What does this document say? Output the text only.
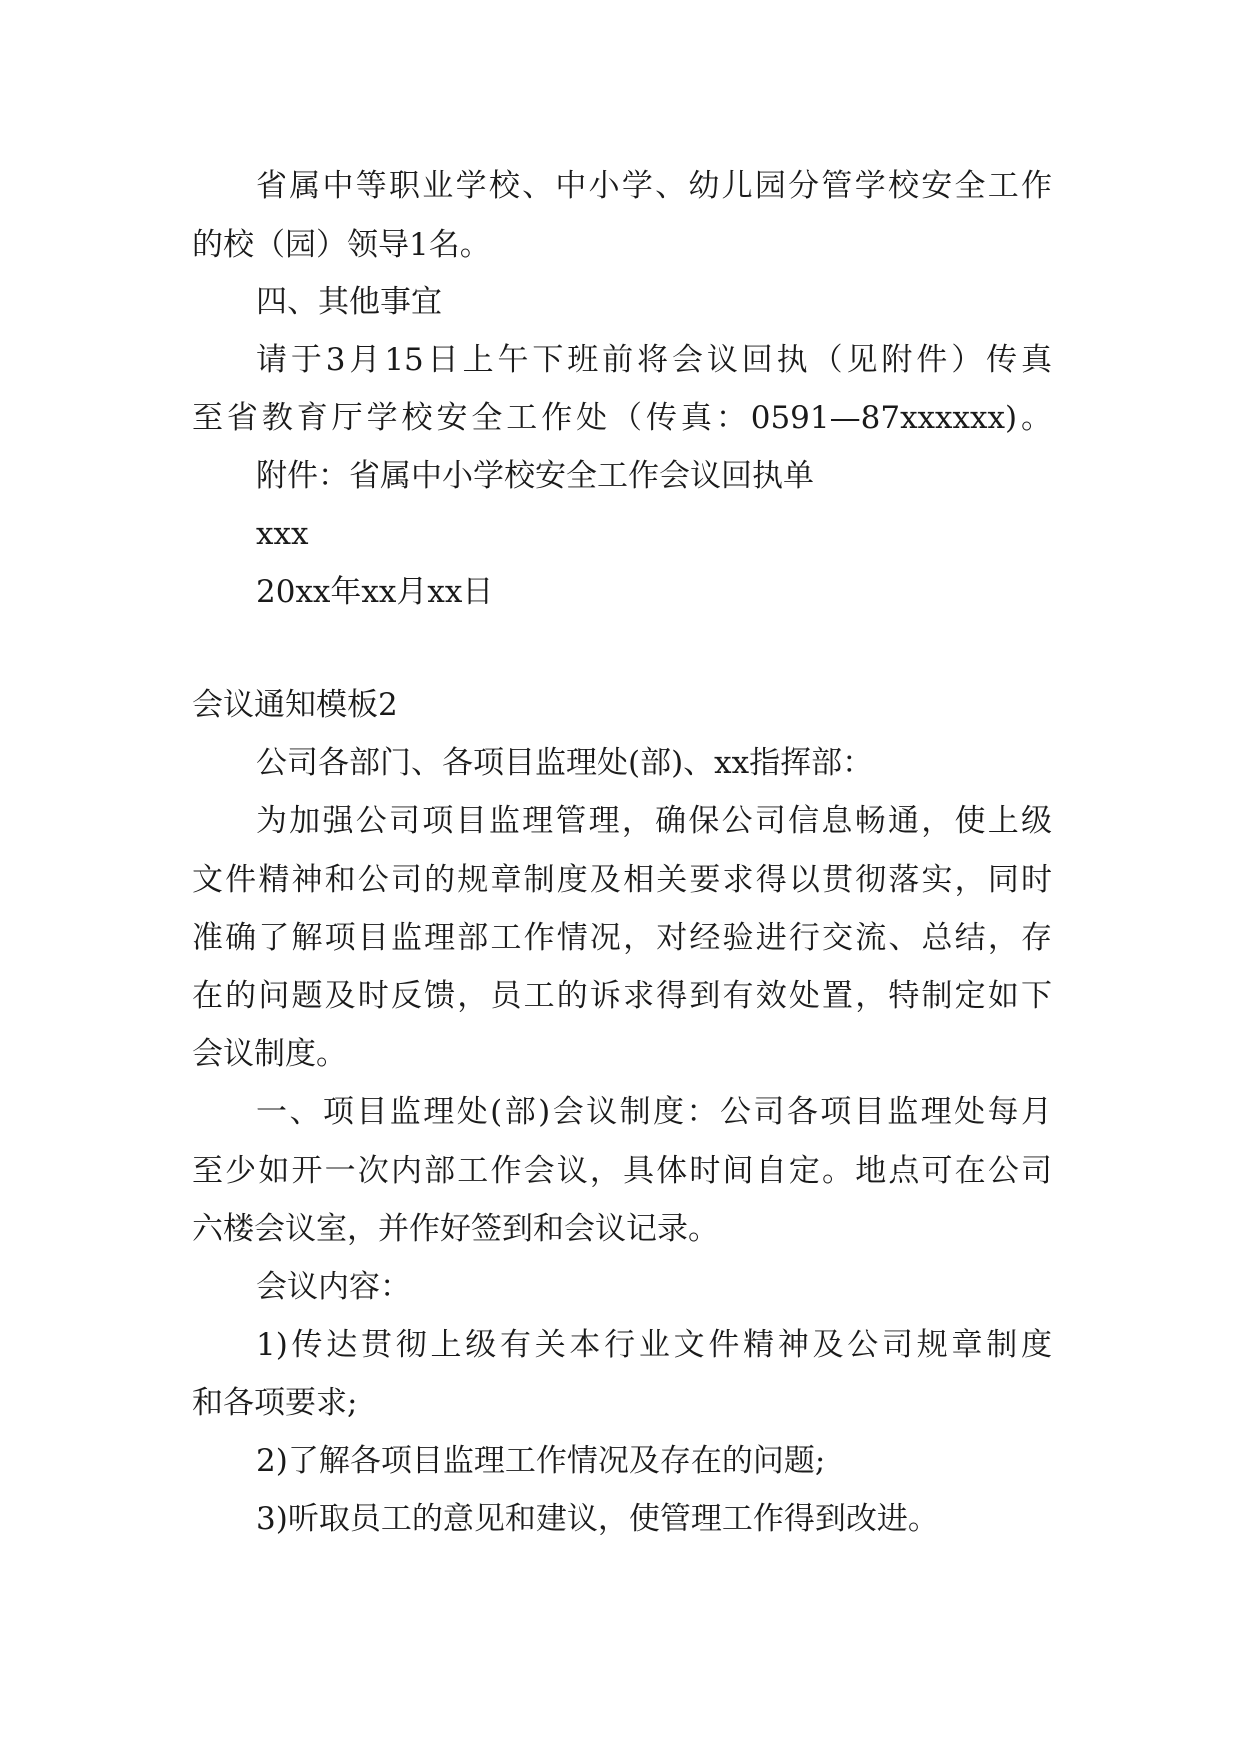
省属中等职业学校、中小学、幼儿园分管学校安全工作
的校（园）领导1名。
四、其他事宜
请于3月15日上午下班前将会议回执（见附件）传真
至省教育厅学校安全工作处（传真：0591—87xxxxxx)。
附件：省属中小学校安全工作会议回执单
xxx
20xx年xx月xx日
会议通知模板2
公司各部门、各项目监理处(部)、xx指挥部：
为加强公司项目监理管理，确保公司信息畅通，使上级
文件精神和公司的规章制度及相关要求得以贯彻落实，同时
准确了解项目监理部工作情况，对经验进行交流、总结，存
在的问题及时反馈，员工的诉求得到有效处置，特制定如下
会议制度。
一、项目监理处(部)会议制度：公司各项目监理处每月
至少如开一次内部工作会议，具体时间自定。地点可在公司
六楼会议室，并作好签到和会议记录。
会议内容：
1)传达贯彻上级有关本行业文件精神及公司规章制度
和各项要求;
2)了解各项目监理工作情况及存在的问题;
3)听取员工的意见和建议，使管理工作得到改进。
